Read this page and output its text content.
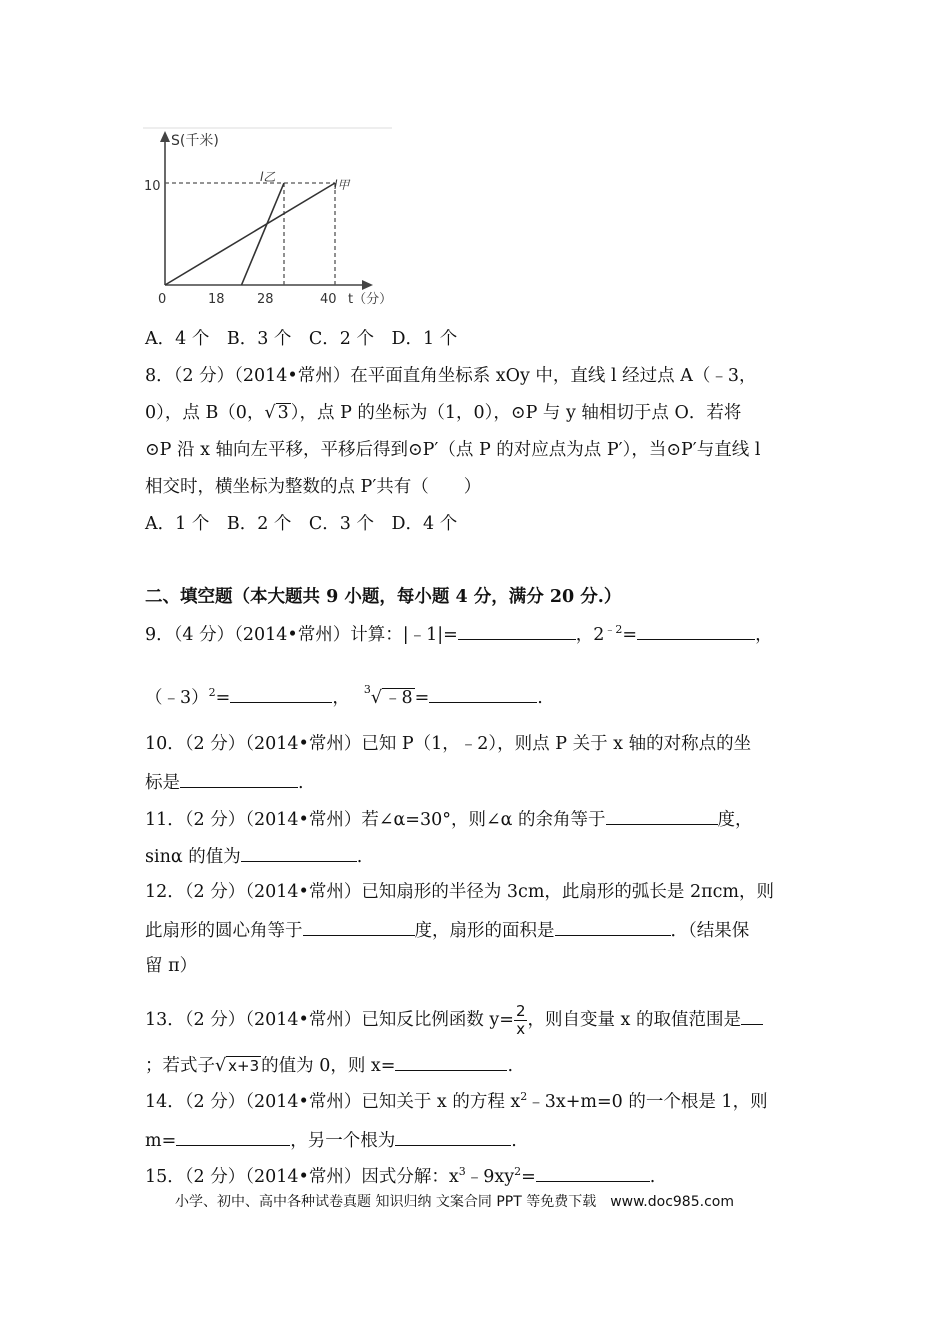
S(千米)
10
0	18 28	40 t（分）
l乙
l甲
A．4 个　B．3 个　C．2 个　D．1 个
8．（2 分）（2014•常州）在平面直角坐标系 xOy 中，直线 l 经过点 A（﹣3，
0），点 B（0，√ 3 ），点 P 的坐标为（1，0），⊙P 与 y 轴相切于点 O．若将
⊙P 沿 x 轴向左平移，平移后得到⊙P′（点 P 的对应点为点 P′），当⊙P′与直线 l
相交时，横坐标为整数的点 P′共有（　　）
A．1 个　B．2 个　C．3 个　D．4 个
二、填空题（本大题共 9 小题，每小题 4 分，满分 20 分.）
9．（4 分）（2014•常州）计算：|﹣1|=	，$2^{﹣2}=$	，
（﹣3）$^2$=	， $^3$√ ﹣8 =	.
10．（2 分）（2014•常州）已知 P（1，﹣2），则点 P 关于 x 轴的对称点的坐
标是	.
11．（2 分）（2014•常州）若∠α=30°，则∠α 的余角等于	度，
sinα 的值为	.
12．（2 分）（2014•常州）已知扇形的半径为 3cm，此扇形的弧长是 2πcm，则
此扇形的圆心角等于	度，扇形的面积是	．（结果保
留 π）
13．（2 分）（2014•常州）已知反比例函数 $y= \frac{2}{x}$ ，则自变量 x 的取值范围是
；若式子√ x+3 的值为 0，则 x=	.
14．（2 分）（2014•常州）已知关于 x 的方程 $x^2﹣3x+m=0$ 的一个根是 1，则
m=	，另一个根为	.
15．（2 分）（2014•常州）因式分解：$x^3﹣9xy^2=$	.
小学、初中、高中各种试卷真题 知识归纳 文案合同 PPT 等免费下载　www.doc985.com
